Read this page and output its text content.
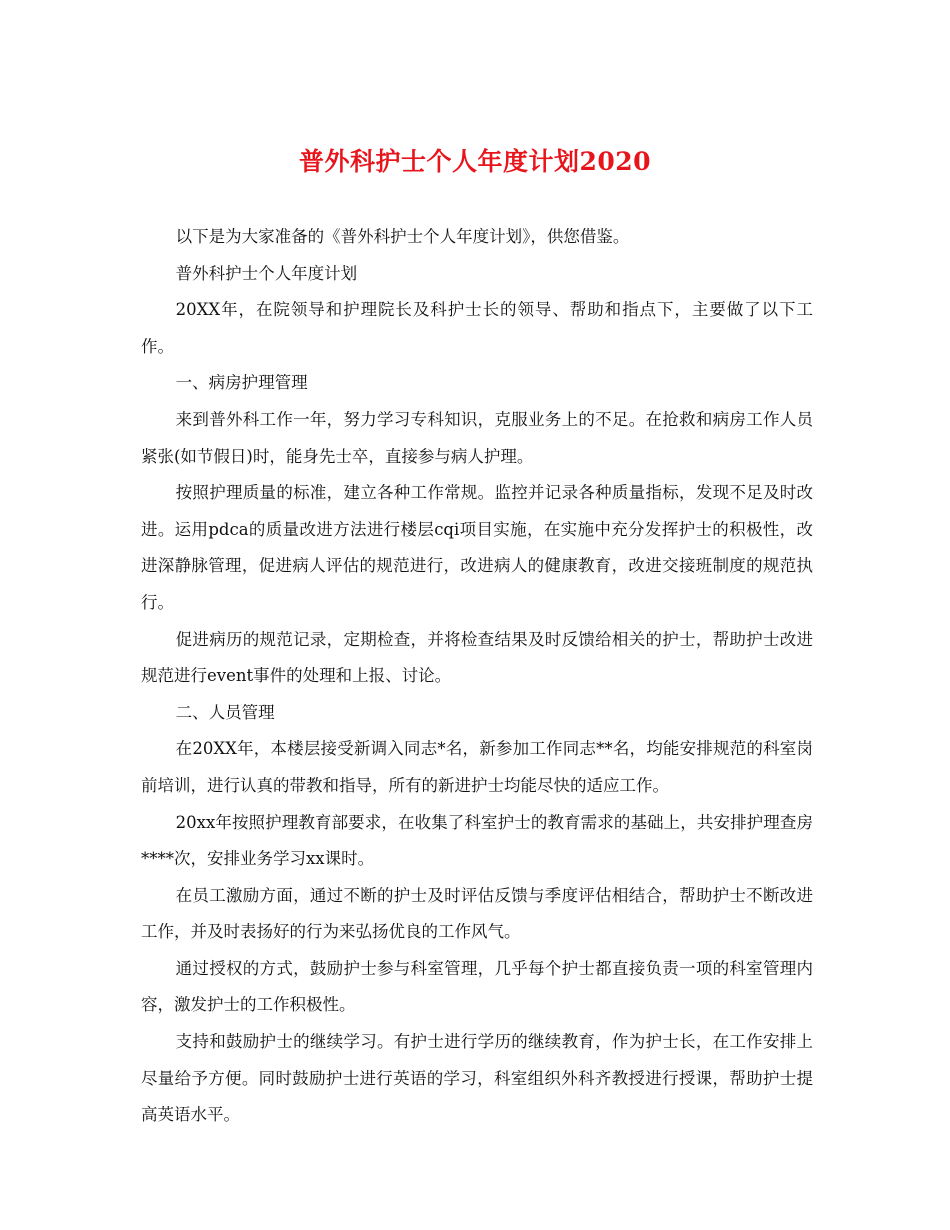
普外科护士个人年度计划2020

以下是为大家准备的《普外科护士个人年度计划》，供您借鉴。

普外科护士个人年度计划

20XX年，在院领导和护理院长及科护士长的领导、帮助和指点下，主要做了以下工作。

一、病房护理管理

来到普外科工作一年，努力学习专科知识，克服业务上的不足。在抢救和病房工作人员紧张(如节假日)时，能身先士卒，直接参与病人护理。

按照护理质量的标准，建立各种工作常规。监控并记录各种质量指标，发现不足及时改进。运用pdca的质量改进方法进行楼层cqi项目实施，在实施中充分发挥护士的积极性，改进深静脉管理，促进病人评估的规范进行，改进病人的健康教育，改进交接班制度的规范执行。

促进病历的规范记录，定期检查，并将检查结果及时反馈给相关的护士，帮助护士改进规范进行event事件的处理和上报、讨论。

二、人员管理

在20XX年，本楼层接受新调入同志*名，新参加工作同志**名，均能安排规范的科室岗前培训，进行认真的带教和指导，所有的新进护士均能尽快的适应工作。

20xx年按照护理教育部要求，在收集了科室护士的教育需求的基础上，共安排护理查房****次，安排业务学习xx课时。

在员工激励方面，通过不断的护士及时评估反馈与季度评估相结合，帮助护士不断改进工作，并及时表扬好的行为来弘扬优良的工作风气。

通过授权的方式，鼓励护士参与科室管理，几乎每个护士都直接负责一项的科室管理内容，激发护士的工作积极性。

支持和鼓励护士的继续学习。有护士进行学历的继续教育，作为护士长，在工作安排上尽量给予方便。同时鼓励护士进行英语的学习，科室组织外科齐教授进行授课，帮助护士提高英语水平。
